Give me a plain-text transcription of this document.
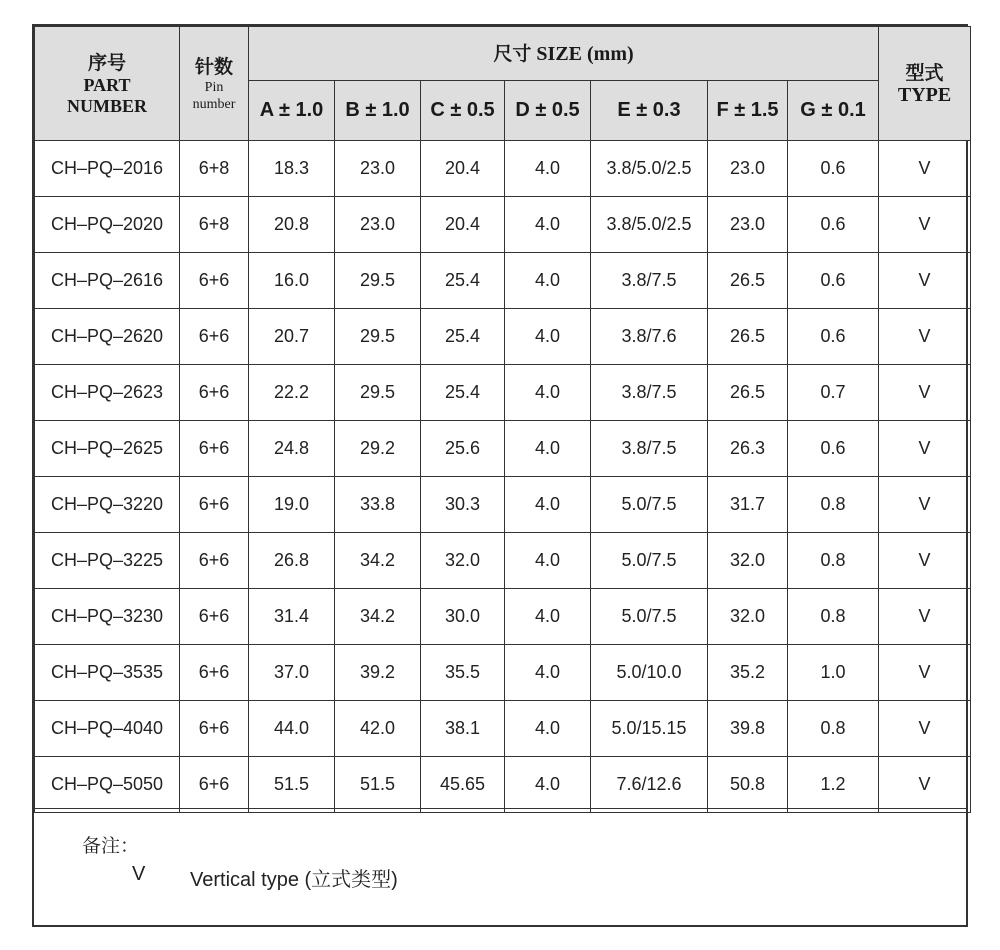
序号
PART
NUMBER	针数
Pin
number	尺寸 SIZE (mm)							型式
TYPE

		A ± 1.0	B ± 1.0	C ± 0.5	D ± 0.5	E ± 0.3	F ± 1.5	G ± 0.1	
CH–PQ–2016	6+8	18.3	23.0	20.4	4.0	3.8/5.0/2.5	23.0	0.6	V
CH–PQ–2020	6+8	20.8	23.0	20.4	4.0	3.8/5.0/2.5	23.0	0.6	V
CH–PQ–2616	6+6	16.0	29.5	25.4	4.0	3.8/7.5	26.5	0.6	V
CH–PQ–2620	6+6	20.7	29.5	25.4	4.0	3.8/7.6	26.5	0.6	V
CH–PQ–2623	6+6	22.2	29.5	25.4	4.0	3.8/7.5	26.5	0.7	V
CH–PQ–2625	6+6	24.8	29.2	25.6	4.0	3.8/7.5	26.3	0.6	V
CH–PQ–3220	6+6	19.0	33.8	30.3	4.0	5.0/7.5	31.7	0.8	V
CH–PQ–3225	6+6	26.8	34.2	32.0	4.0	5.0/7.5	32.0	0.8	V
CH–PQ–3230	6+6	31.4	34.2	30.0	4.0	5.0/7.5	32.0	0.8	V
CH–PQ–3535	6+6	37.0	39.2	35.5	4.0	5.0/10.0	35.2	1.0	V
CH–PQ–4040	6+6	44.0	42.0	38.1	4.0	5.0/15.15	39.8	0.8	V
CH–PQ–5050	6+6	51.5	51.5	45.65	4.0	7.6/12.6	50.8	1.2	V
备注：
V Vertical type (立式类型)
